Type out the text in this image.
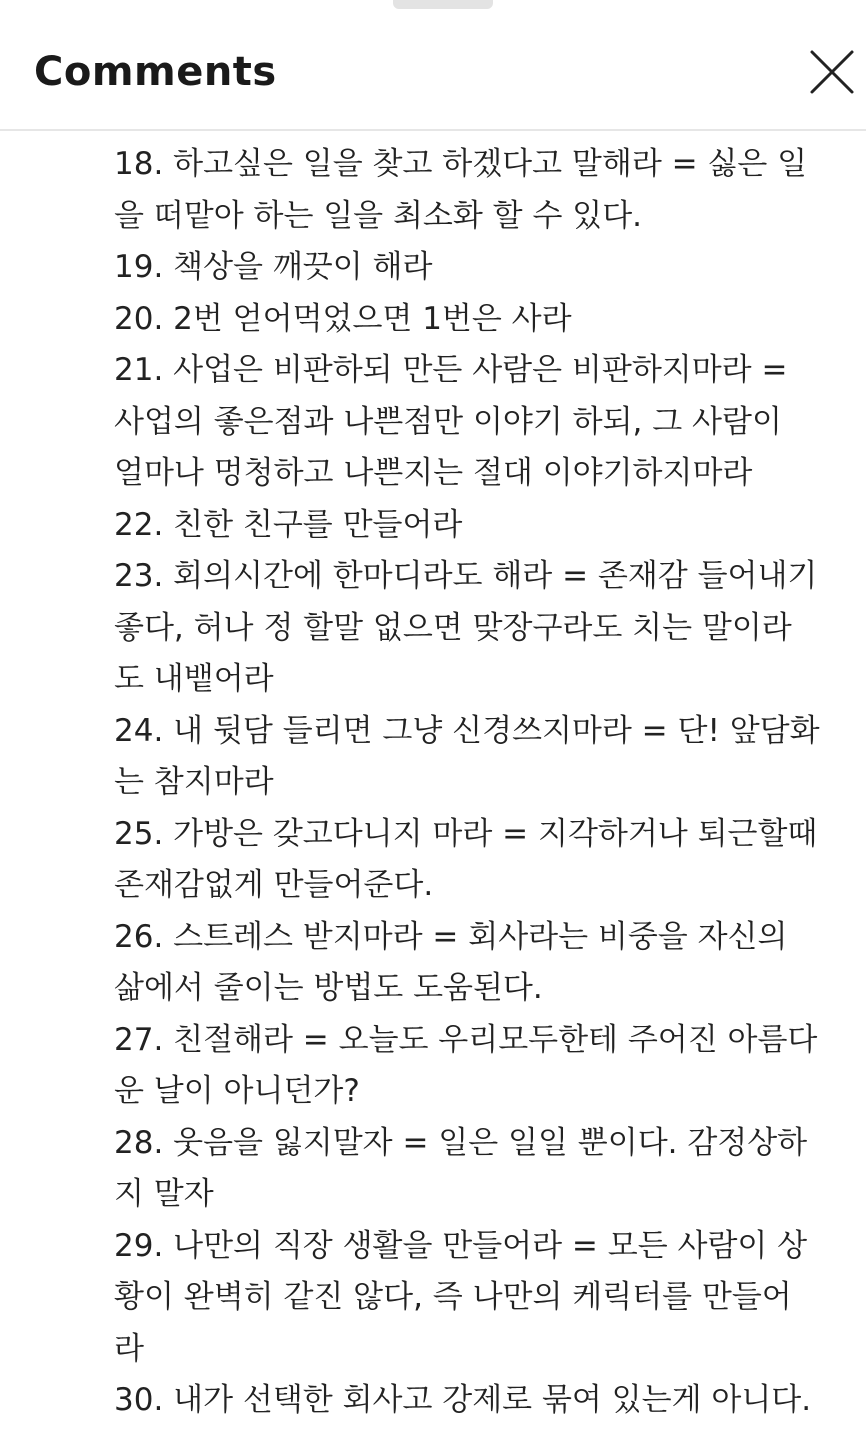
Comments
18. 하고싶은 일을 찾고 하겠다고 말해라 = 싫은 일
을 떠맡아 하는 일을 최소화 할 수 있다.
19. 책상을 깨끗이 해라
20. 2번 얻어먹었으면 1번은 사라
21. 사업은 비판하되 만든 사람은 비판하지마라 =
사업의 좋은점과 나쁜점만 이야기 하되, 그 사람이
얼마나 멍청하고 나쁜지는 절대 이야기하지마라
22. 친한 친구를 만들어라
23. 회의시간에 한마디라도 해라 = 존재감 들어내기
좋다, 허나 정 할말 없으면 맞장구라도 치는 말이라
도 내뱉어라
24. 내 뒷담 들리면 그냥 신경쓰지마라 = 단! 앞담화
는 참지마라
25. 가방은 갖고다니지 마라 = 지각하거나 퇴근할때
존재감없게 만들어준다.
26. 스트레스 받지마라 = 회사라는 비중을 자신의
삶에서 줄이는 방법도 도움된다.
27. 친절해라 = 오늘도 우리모두한테 주어진 아름다
운 날이 아니던가?
28. 웃음을 잃지말자 = 일은 일일 뿐이다. 감정상하
지 말자
29. 나만의 직장 생활을 만들어라 = 모든 사람이 상
황이 완벽히 같진 않다, 즉 나만의 케릭터를 만들어
라
30. 내가 선택한 회사고 강제로 묶여 있는게 아니다.
